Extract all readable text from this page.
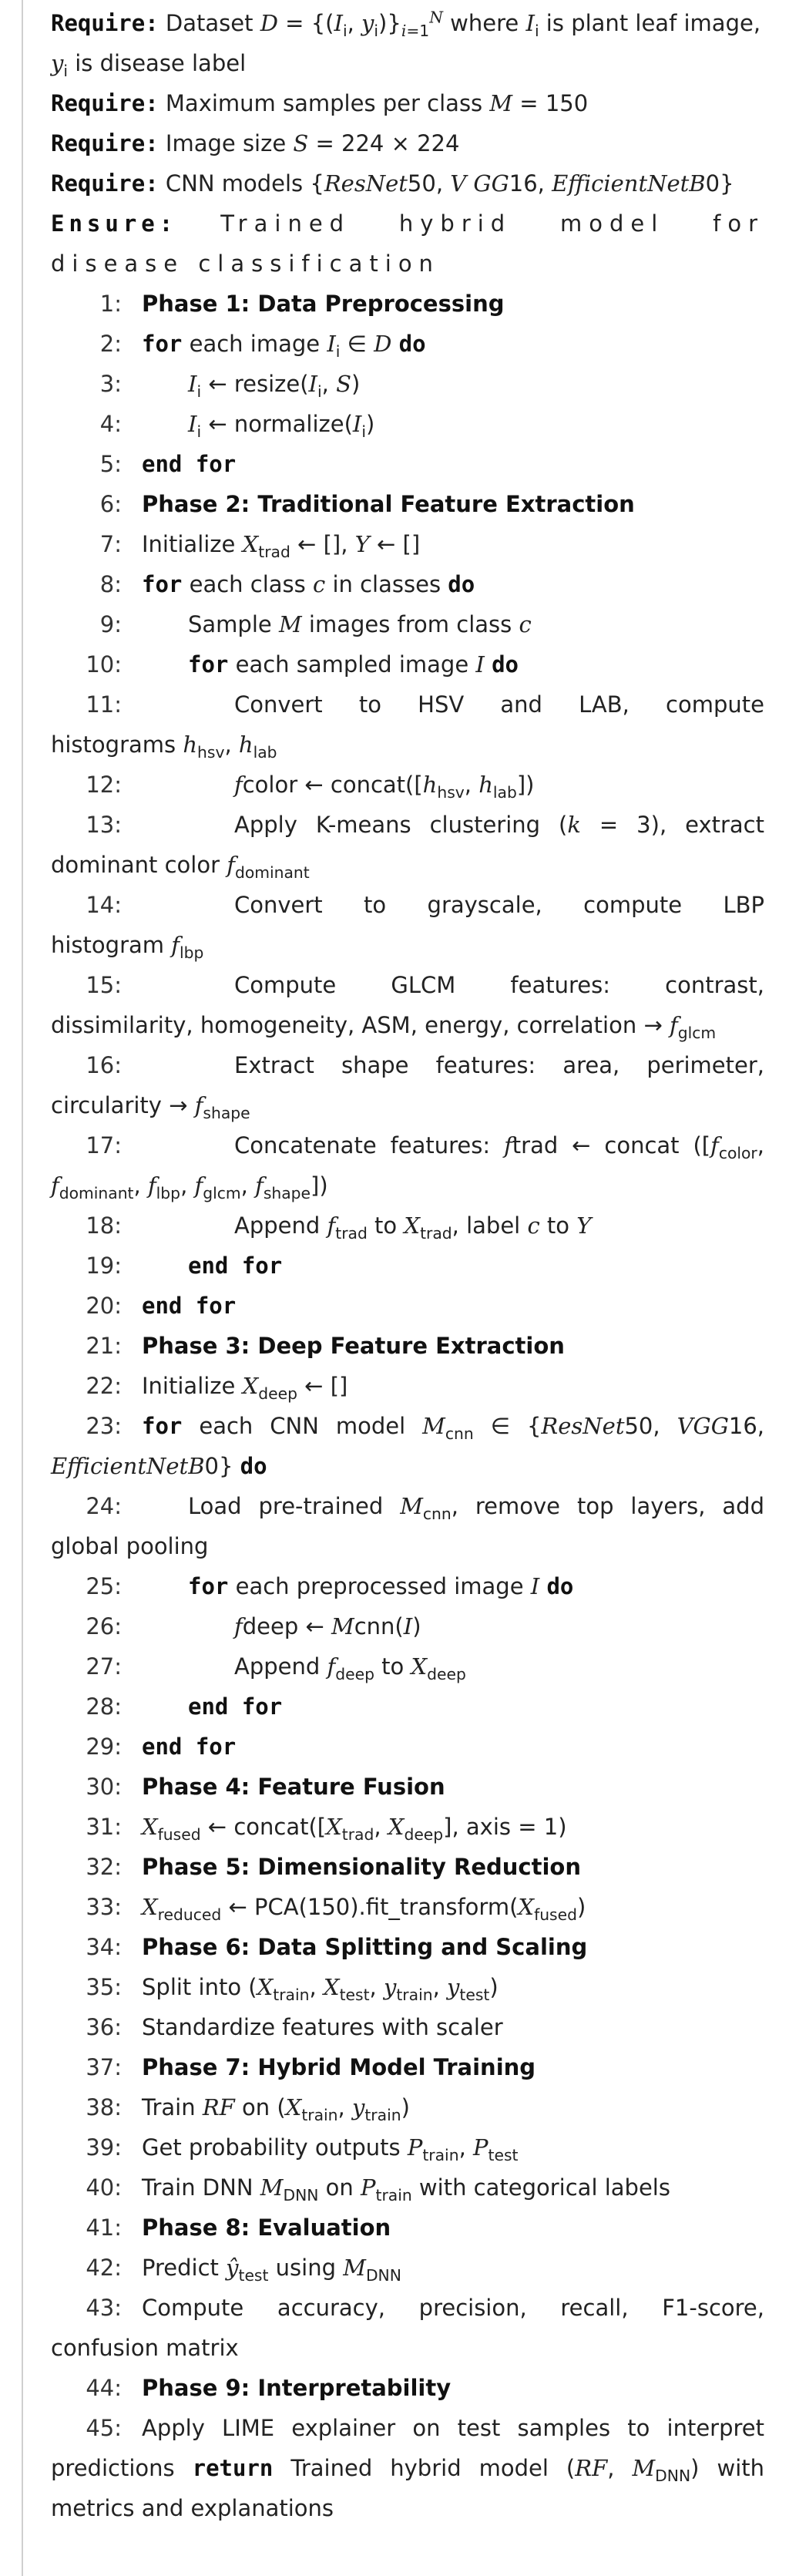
Require: Dataset $D = \{(I_i$, $y_i)\}_{i=1}^N$ where $I_i$ is plant leaf image, $y_i$ is disease label
Require: Maximum samples per class M = 150
Require: Image size S = 224 × 224
Require: CNN models {ResNet50, V GG16, EfficientNetB0}
Ensure: Trained hybrid model for disease classification
1: Phase 1: Data Preprocessing
2: for each image $I_i$ ∈ D do
3:	$I_i$ ← $resize(I_i$, S)
4:	$I_i$ ← $normalize(I_i)$
5: end for
6: Phase 2: Traditional Feature Extraction
7: Initialize $X_{trad}$ ← [], Y ← []
8: for each class c in classes do
9:	Sample M images from class c
10:	for each sampled image I do
11:	Convert to HSV and LAB, compute histograms $h_{hsv}$, $h_{lab}$
12:	fcolor ← $concat([h_{hsv}$, $h_{lab}$])
13:	Apply K-means clustering (k = 3), extract dominant color $f_{dominant}$
14:	Convert to grayscale, compute LBP histogram $f_{lbp}$
15:	Compute GLCM features: contrast, dissimilarity, homogeneity, ASM, energy, correlation → $f_{glcm}$
16:	Extract shape features: area, perimeter, circularity → $f_{shape}$
17:	Concatenate features: ftrad ← concat ([$f_{color}$, $f_{dominant}$, $f_{lbp}$, $f_{glcm}$, $f_{shape}$])
18:	Append $f_{trad}$ to $X_{trad}$, label c to Y
19:	end for
20: end for
21: Phase 3: Deep Feature Extraction
22: Initialize $X_{deep}$ ← []
23: for each CNN model $M_{cnn}$ ∈ {ResNet50, VGG16, EfficientNetB0} do
24:	Load pre-trained $M_{cnn}$, remove top layers, add global pooling
25:	for each preprocessed image I do
26:	fdeep ← Mcnn(I)
27:	Append $f_{deep}$ to $X_{deep}$
28:	end for
29: end for
30: Phase 4: Feature Fusion
31: $X_{fused}$ ← $concat([X_{trad}$, $X_{deep}$], axis = 1)
32: Phase 5: Dimensionality Reduction
33: $X_{reduced}$ ← $PCA(150).fit\_transform(X_{fused})$
34: Phase 6: Data Splitting and Scaling
35: Split into ($X_{train}$, $X_{test}$, $y_{train}$, $y_{test}$)
36: Standardize features with scaler
37: Phase 7: Hybrid Model Training
38: Train RF on ($X_{train}$, $y_{train}$)
39: Get probability outputs $P_{train}$, $P_{test}$
40: Train DNN $M_{DNN}$ on $P_{train}$ with categorical labels
41: Phase 8: Evaluation
42: Predict $ŷ_{test}$ using $M_{DNN}$
43: Compute accuracy, precision, recall, F1-score, confusion matrix
44: Phase 9: Interpretability
45: Apply LIME explainer on test samples to interpret predictions return Trained hybrid model (RF, $M_{DNN}$) with metrics and explanations
